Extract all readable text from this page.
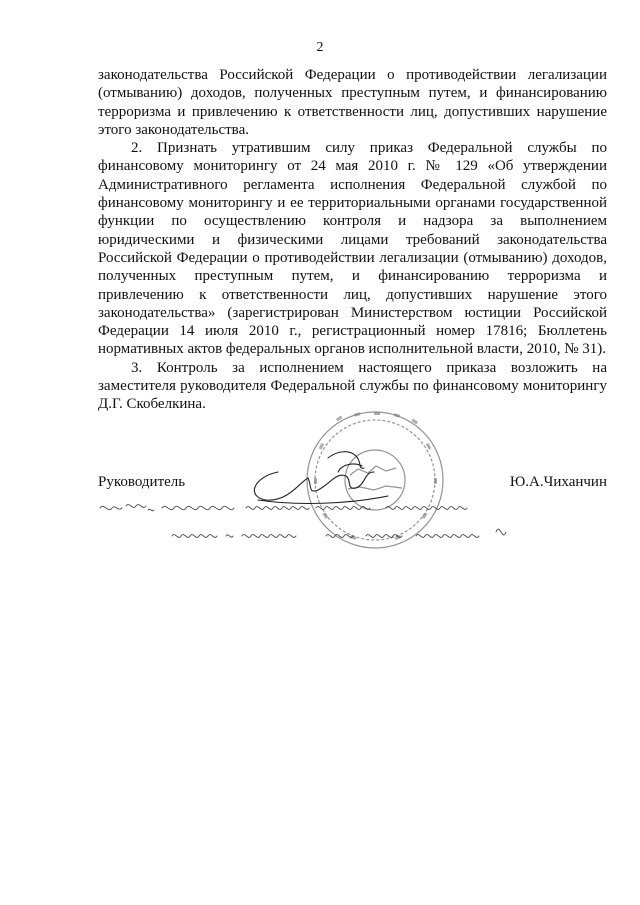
2

законодательства Российской Федерации о противодействии легализации (отмыванию) доходов, полученных преступным путем, и финансированию терроризма и привлечению к ответственности лиц, допустивших нарушение этого законодательства.

2. Признать утратившим силу приказ Федеральной службы по финансовому мониторингу от 24 мая 2010 г. № 129 «Об утверждении Административного регламента исполнения Федеральной службой по финансовому мониторингу и ее территориальными органами государственной функции по осуществлению контроля и надзора за выполнением юридическими и физическими лицами требований законодательства Российской Федерации о противодействии легализации (отмыванию) доходов, полученных преступным путем, и финансированию терроризма и привлечению к ответственности лиц, допустивших нарушение этого законодательства» (зарегистрирован Министерством юстиции Российской Федерации 14 июля 2010 г., регистрационный номер 17816; Бюллетень нормативных актов федеральных органов исполнительной власти, 2010, № 31).

3. Контроль за исполнением настоящего приказа возложить на заместителя руководителя Федеральной службы по финансовому мониторингу Д.Г. Скобелкина.

Руководитель	Ю.А.Чиханчин
